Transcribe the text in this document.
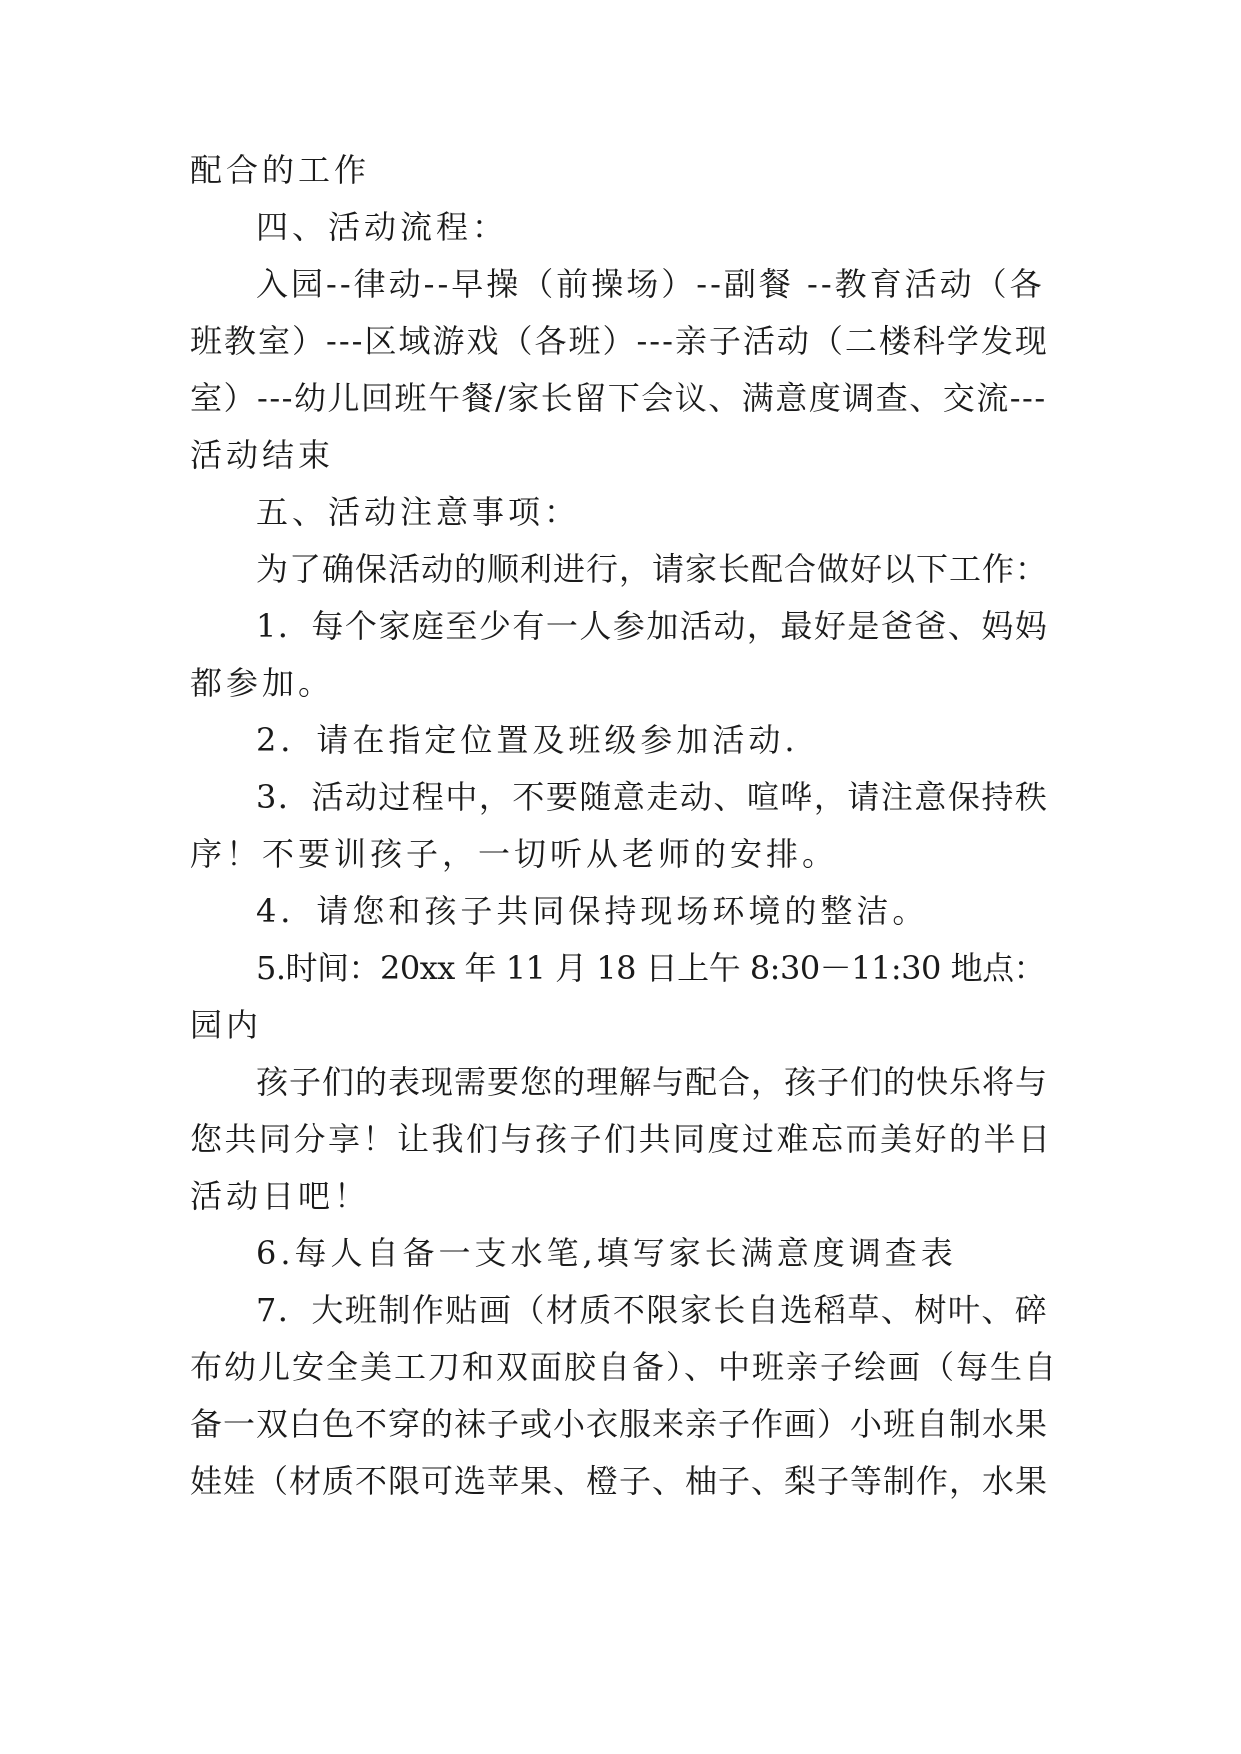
配合的工作
四、活动流程：
入园--律动--早操（前操场）--副餐 --教育活动（各
班教室）---区域游戏（各班）---亲子活动（二楼科学发现
室）---幼儿回班午餐/家长留下会议、满意度调查、交流---
活动结束
五、活动注意事项：
为了确保活动的顺利进行，请家长配合做好以下工作：
1．每个家庭至少有一人参加活动，最好是爸爸、妈妈
都参加。
2．请在指定位置及班级参加活动.
3．活动过程中，不要随意走动、喧哗，请注意保持秩
序！不要训孩子，一切听从老师的安排。
4．请您和孩子共同保持现场环境的整洁。
5.时间：20xx 年 11 月 18 日上午 8:30－11:30 地点：
园内
孩子们的表现需要您的理解与配合，孩子们的快乐将与
您共同分享！让我们与孩子们共同度过难忘而美好的半日
活动日吧！
6.每人自备一支水笔,填写家长满意度调查表
7．大班制作贴画（材质不限家长自选稻草、树叶、碎
布幼儿安全美工刀和双面胶自备）、中班亲子绘画（每生自
备一双白色不穿的袜子或小衣服来亲子作画）小班自制水果
娃娃（材质不限可选苹果、橙子、柚子、梨子等制作，水果
